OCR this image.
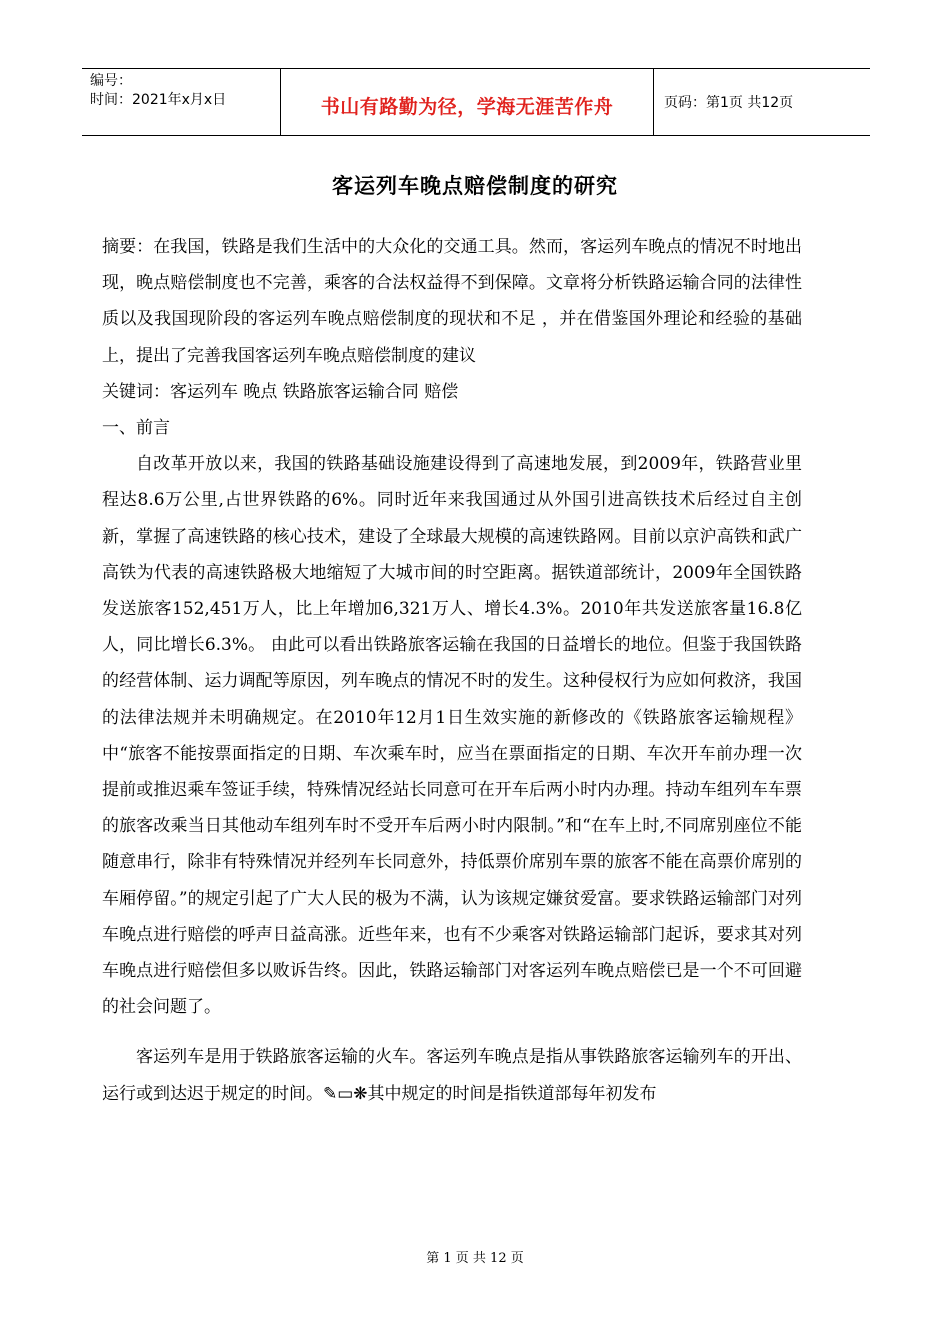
编号：
时间：2021年x月x日	书山有路勤为径，学海无涯苦作舟	页码：第1页 共12页
客运列车晚点赔偿制度的研究

摘要：在我国，铁路是我们生活中的大众化的交通工具。然而，客运列车晚点的情况不时地出现，晚点赔偿制度也不完善，乘客的合法权益得不到保障。文章将分析铁路运输合同的法律性质以及我国现阶段的客运列车晚点赔偿制度的现状和不足 ，并在借鉴国外理论和经验的基础上，提出了完善我国客运列车晚点赔偿制度的建议

关键词：客运列车 晚点 铁路旅客运输合同 赔偿

一、前言

自改革开放以来，我国的铁路基础设施建设得到了高速地发展，到2009年，铁路营业里程达8.6万公里,占世界铁路的6%。同时近年来我国通过从外国引进高铁技术后经过自主创新，掌握了高速铁路的核心技术，建设了全球最大规模的高速铁路网。目前以京沪高铁和武广高铁为代表的高速铁路极大地缩短了大城市间的时空距离。据铁道部统计，2009年全国铁路发送旅客152,451万人，比上年增加6,321万人、增长4.3%。2010年共发送旅客量16.8亿人，同比增长6.3%。 由此可以看出铁路旅客运输在我国的日益增长的地位。但鉴于我国铁路的经营体制、运力调配等原因，列车晚点的情况不时的发生。这种侵权行为应如何救济，我国的法律法规并未明确规定。在2010年12月1日生效实施的新修改的《铁路旅客运输规程》中“旅客不能按票面指定的日期、车次乘车时，应当在票面指定的日期、车次开车前办理一次提前或推迟乘车签证手续，特殊情况经站长同意可在开车后两小时内办理。持动车组列车车票的旅客改乘当日其他动车组列车时不受开车后两小时内限制。”和“在车上时,不同席别座位不能随意串行，除非有特殊情况并经列车长同意外，持低票价席别车票的旅客不能在高票价席别的车厢停留。”的规定引起了广大人民的极为不满，认为该规定嫌贫爱富。要求铁路运输部门对列车晚点进行赔偿的呼声日益高涨。近些年来，也有不少乘客对铁路运输部门起诉，要求其对列车晚点进行赔偿但多以败诉告终。因此，铁路运输部门对客运列车晚点赔偿已是一个不可回避的社会问题了。

客运列车是用于铁路旅客运输的火车。客运列车晚点是指从事铁路旅客运输列车的开出、运行或到达迟于规定的时间。✎▭❋其中规定的时间是指铁道部每年初发布

第 1 页 共 12 页
